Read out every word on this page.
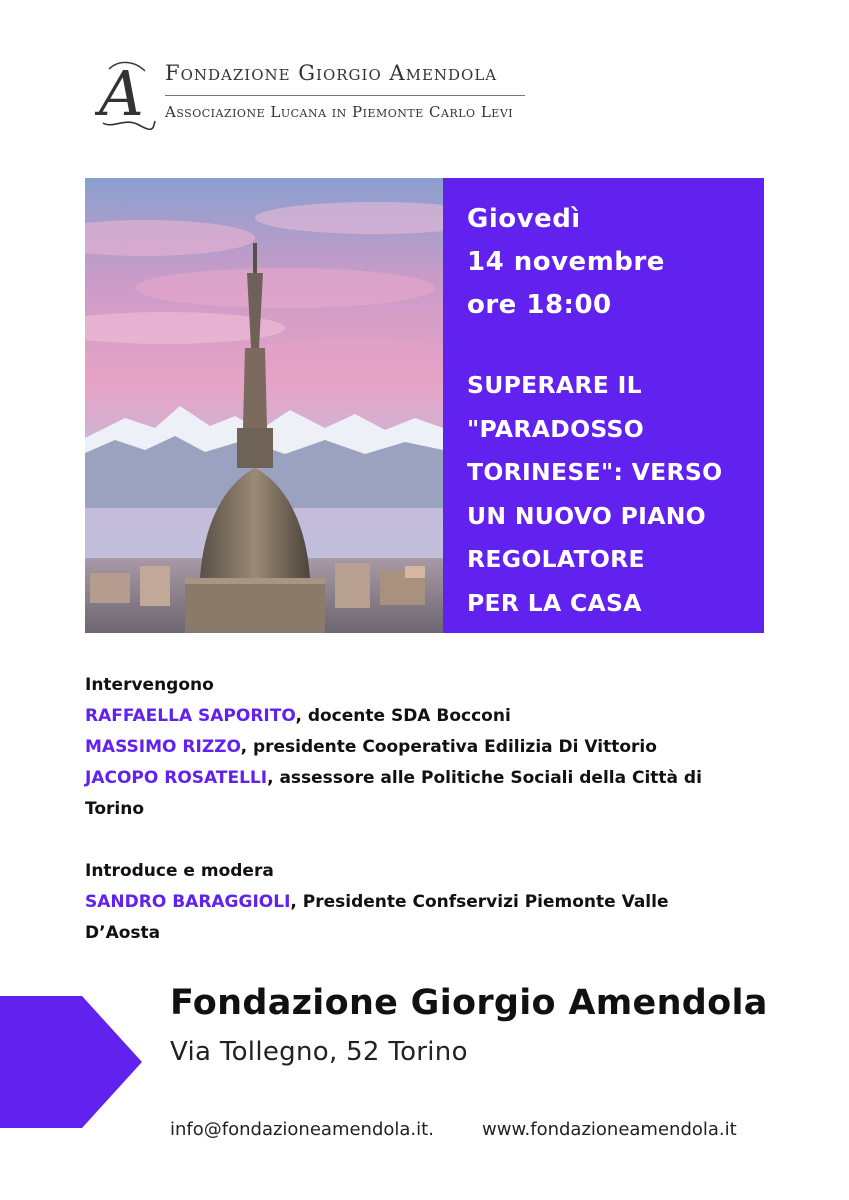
A Fondazione Giorgio Amendola
Associazione Lucana in Piemonte Carlo Levi
Giovedì
14 novembre
ore 18:00
SUPERARE IL
"PARADOSSO
TORINESE": VERSO
UN NUOVO PIANO
REGOLATORE
PER LA CASA
Intervengono
RAFFAELLA SAPORITO, docente SDA Bocconi
MASSIMO RIZZO, presidente Cooperativa Edilizia Di Vittorio
JACOPO ROSATELLI, assessore alle Politiche Sociali della Città di
Torino
Introduce e modera
SANDRO BARAGGIOLI, Presidente Confservizi Piemonte Valle
D’Aosta
Fondazione Giorgio Amendola
Via Tollegno, 52 Torino
info@fondazioneamendola.it.	www.fondazioneamendola.it
